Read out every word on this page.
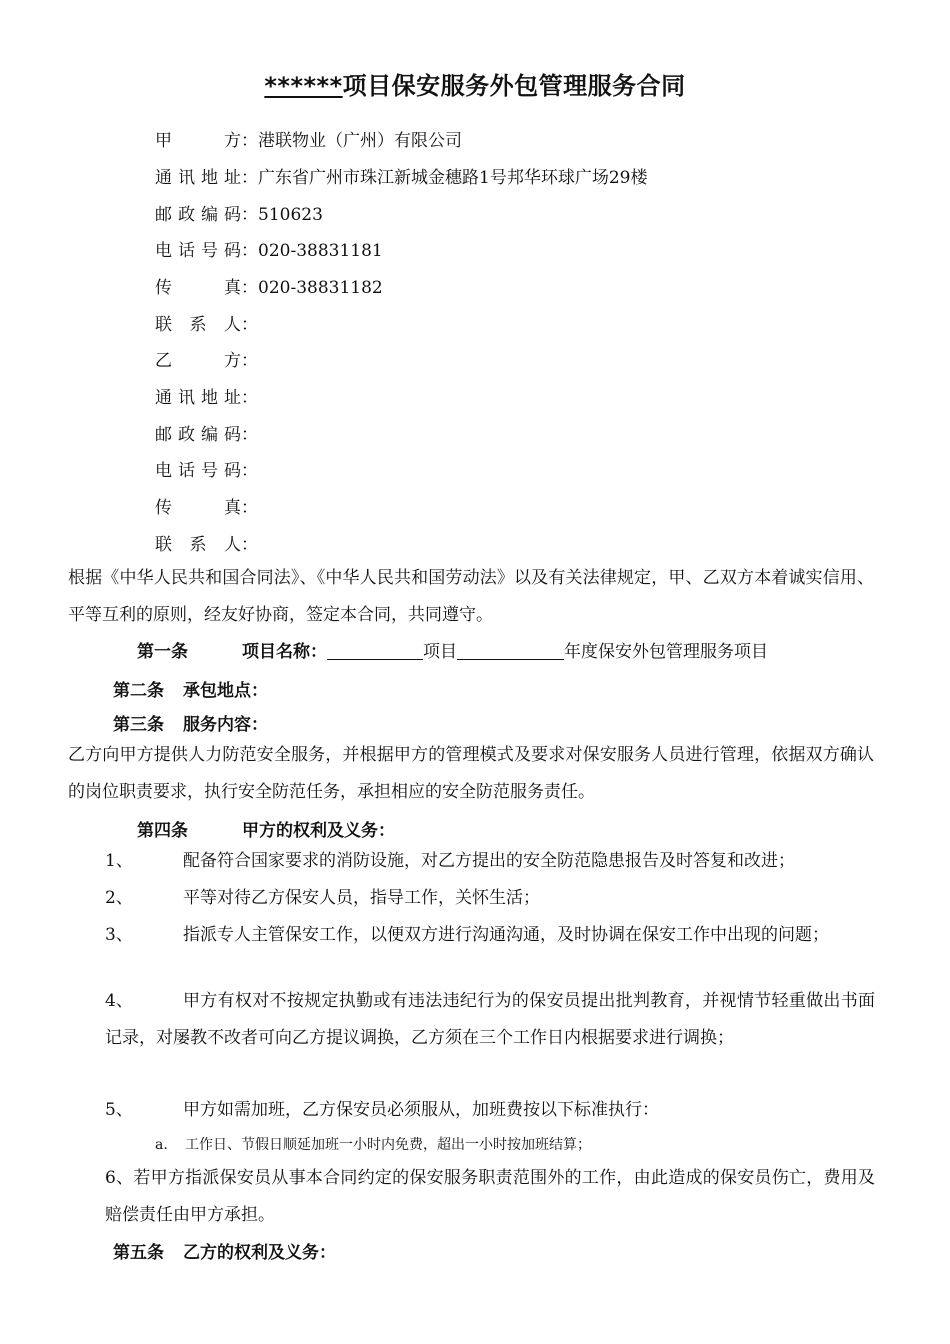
******项目保安服务外包管理服务合同
甲方：港联物业（广州）有限公司
通讯地址：广东省广州市珠江新城金穗路1号邦华环球广场29楼
邮政编码：510623
电话号码：020-38831181
传真：020-38831182
联系人：
乙方：
通讯地址：
邮政编码：
电话号码：
传真：
联系人：
根据《中华人民共和国合同法》、《中华人民共和国劳动法》以及有关法律规定，甲、乙双方本着诚实信用、平等互利的原则，经友好协商，签定本合同，共同遵守。
第一条	项目名称：	项目	年度保安外包管理服务项目
第二条 承包地点：
第三条 服务内容：
乙方向甲方提供人力防范安全服务，并根据甲方的管理模式及要求对保安服务人员进行管理，依据双方确认的岗位职责要求，执行安全防范任务，承担相应的安全防范服务责任。
第四条	甲方的权利及义务：
1、	配备符合国家要求的消防设施，对乙方提出的安全防范隐患报告及时答复和改进；
2、	平等对待乙方保安人员，指导工作，关怀生活；
3、	指派专人主管保安工作，以便双方进行沟通沟通，及时协调在保安工作中出现的问题；
4、	甲方有权对不按规定执勤或有违法违纪行为的保安员提出批判教育，并视情节轻重做出书面记录，对屡教不改者可向乙方提议调换，乙方须在三个工作日内根据要求进行调换；
5、	甲方如需加班，乙方保安员必须服从，加班费按以下标准执行：
a. 工作日、节假日顺延加班一小时内免费，超出一小时按加班结算；
6、若甲方指派保安员从事本合同约定的保安服务职责范围外的工作，由此造成的保安员伤亡，费用及赔偿责任由甲方承担。
第五条 乙方的权利及义务：
